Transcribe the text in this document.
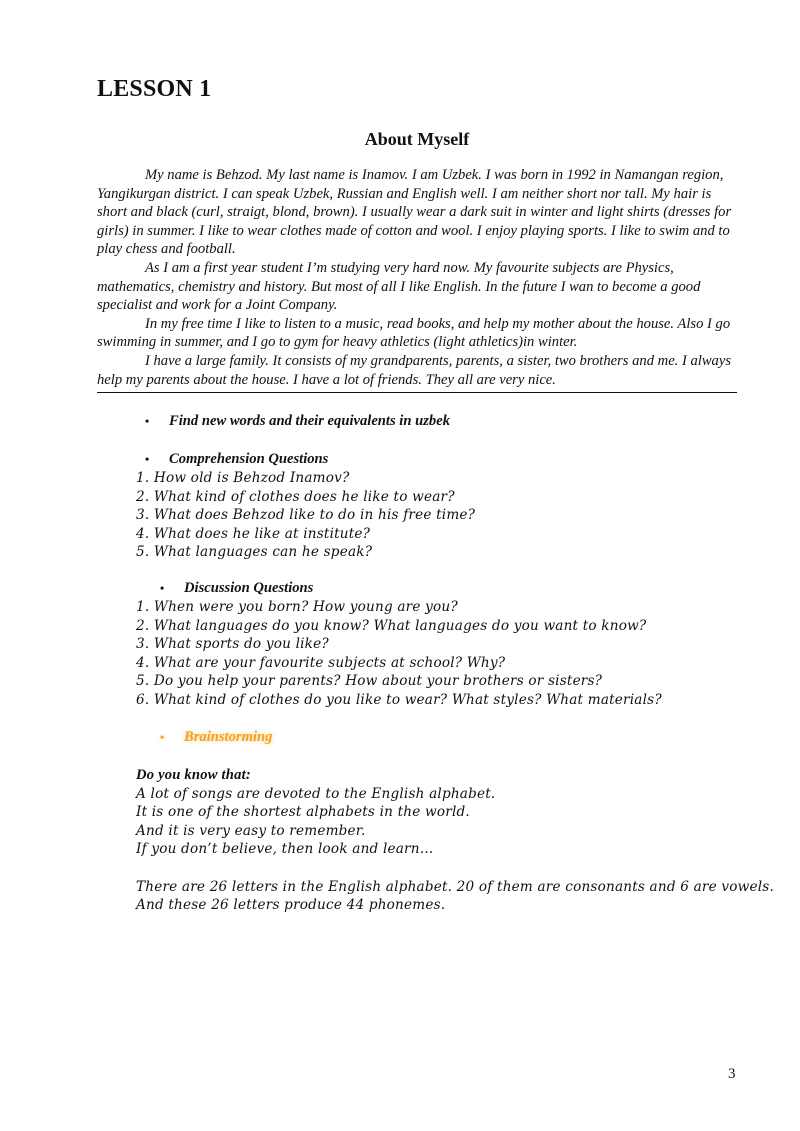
LESSON 1
About Myself

My name is Behzod. My last name is Inamov. I am Uzbek. I was born in 1992 in Namangan region, Yangikurgan district. I can speak Uzbek, Russian and English well. I am neither short nor tall. My hair is short and black (curl, straigt, blond, brown). I usually wear a dark suit in winter and light shirts (dresses for girls) in summer. I like to wear clothes made of cotton and wool. I enjoy playing sports. I like to swim and to play chess and football.

As I am a first year student I’m studying very hard now. My favourite subjects are Physics, mathematics, chemistry and history. But most of all I like English. In the future I wan to become a good specialist and work for a Joint Company.

In my free time I like to listen to a music, read books, and help my mother about the house. Also I go swimming in summer, and I go to gym for heavy athletics (light athletics)in winter.

I have a large family. It consists of my grandparents, parents, a sister, two brothers and me. I always help my parents about the house. I have a lot of friends. They all are very nice.

•	Find new words and their equivalents in uzbek
•	Comprehension Questions
1. How old is Behzod Inamov?
2. What kind of clothes does he like to wear?
3. What does Behzod like to do in his free time?
4. What does he like at institute?
5. What languages can he speak?
•	Discussion Questions
1. When were you born? How young are you?
2. What languages do you know? What languages do you want to know?
3. What sports do you like?
4. What are your favourite subjects at school? Why?
5. Do you help your parents? How about your brothers or sisters?
6. What kind of clothes do you like to wear? What styles? What materials?
•	Brainstorming
Do you know that:
A lot of songs are devoted to the English alphabet.
It is one of the shortest alphabets in the world.
And it is very easy to remember.
If you don’t believe, then look and learn…
There are 26 letters in the English alphabet. 20 of them are consonants and 6 are vowels.
And these 26 letters produce 44 phonemes.
3
